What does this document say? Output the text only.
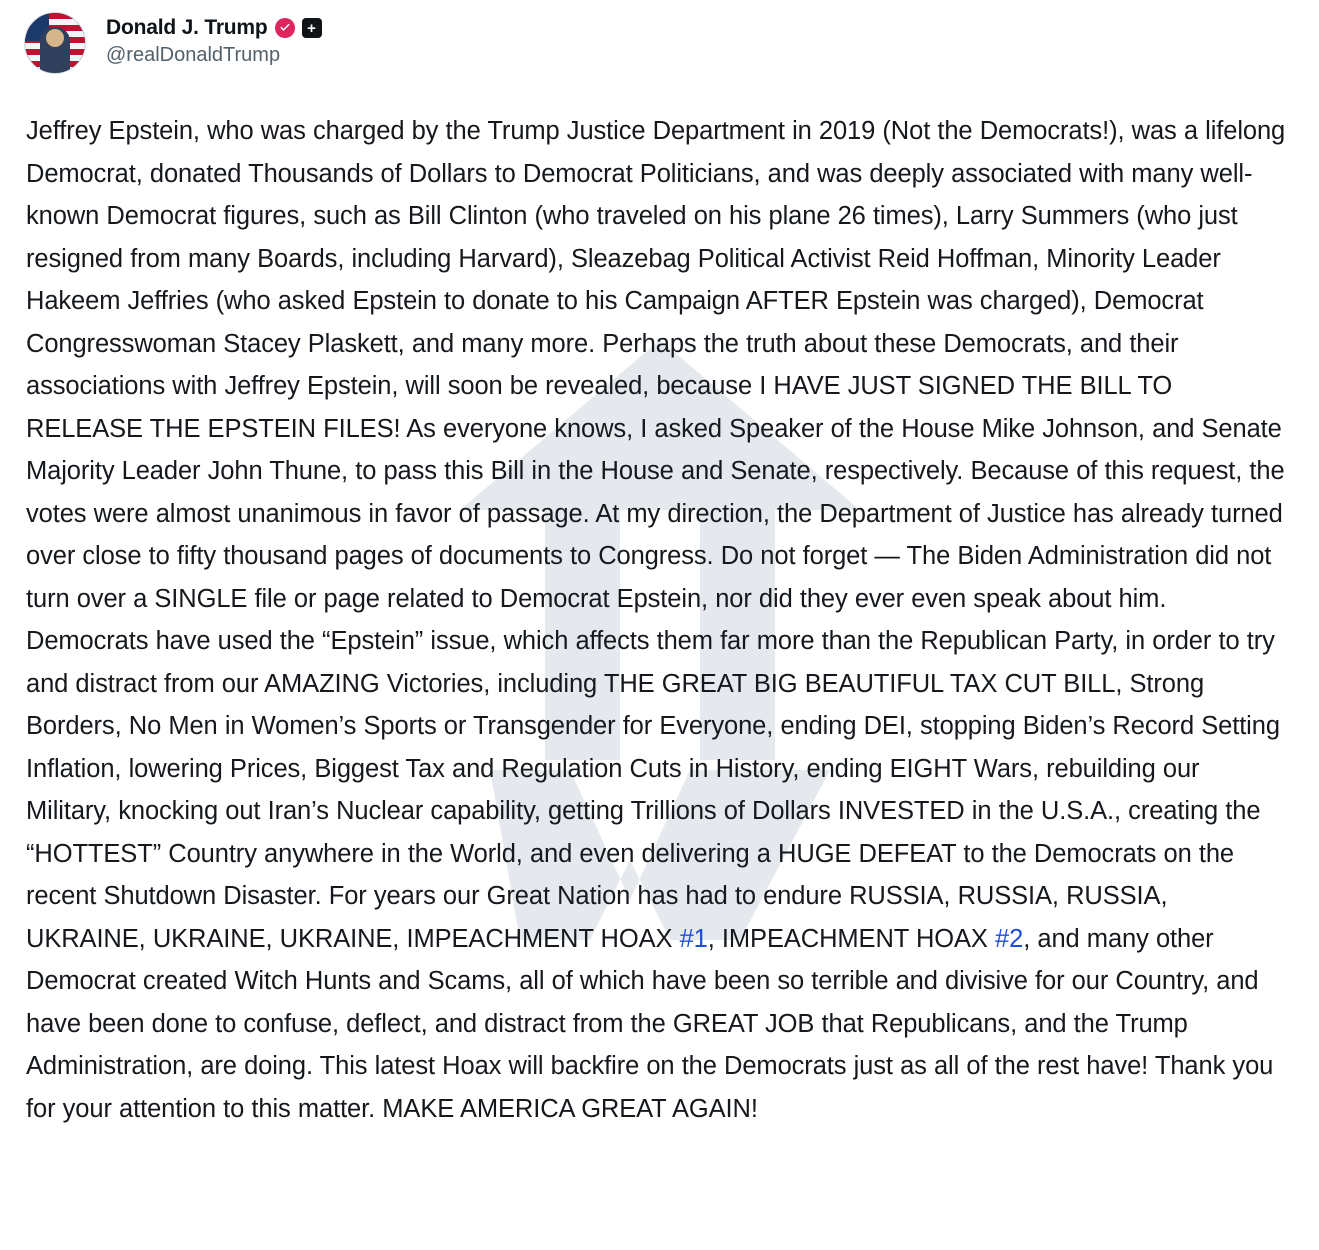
Donald J. Trump	+
@realDonaldTrump
Jeffrey Epstein, who was charged by the Trump Justice Department in 2019 (Not the Democrats!), was a lifelong Democrat, donated Thousands of Dollars to Democrat Politicians, and was deeply associated with many well-known Democrat figures, such as Bill Clinton (who traveled on his plane 26 times), Larry Summers (who just resigned from many Boards, including Harvard), Sleazebag Political Activist Reid Hoffman, Minority Leader Hakeem Jeffries (who asked Epstein to donate to his Campaign AFTER Epstein was charged), Democrat Congresswoman Stacey Plaskett, and many more. Perhaps the truth about these Democrats, and their associations with Jeffrey Epstein, will soon be revealed, because I HAVE JUST SIGNED THE BILL TO RELEASE THE EPSTEIN FILES! As everyone knows, I asked Speaker of the House Mike Johnson, and Senate Majority Leader John Thune, to pass this Bill in the House and Senate, respectively. Because of this request, the votes were almost unanimous in favor of passage. At my direction, the Department of Justice has already turned over close to fifty thousand pages of documents to Congress. Do not forget — The Biden Administration did not turn over a SINGLE file or page related to Democrat Epstein, nor did they ever even speak about him. Democrats have used the “Epstein” issue, which affects them far more than the Republican Party, in order to try and distract from our AMAZING Victories, including THE GREAT BIG BEAUTIFUL TAX CUT BILL, Strong Borders, No Men in Women’s Sports or Transgender for Everyone, ending DEI, stopping Biden’s Record Setting Inflation, lowering Prices, Biggest Tax and Regulation Cuts in History, ending EIGHT Wars, rebuilding our Military, knocking out Iran’s Nuclear capability, getting Trillions of Dollars INVESTED in the U.S.A., creating the “HOTTEST” Country anywhere in the World, and even delivering a HUGE DEFEAT to the Democrats on the recent Shutdown Disaster. For years our Great Nation has had to endure RUSSIA, RUSSIA, RUSSIA, UKRAINE, UKRAINE, UKRAINE, IMPEACHMENT HOAX #1, IMPEACHMENT HOAX #2, and many other Democrat created Witch Hunts and Scams, all of which have been so terrible and divisive for our Country, and have been done to confuse, deflect, and distract from the GREAT JOB that Republicans, and the Trump Administration, are doing. This latest Hoax will backfire on the Democrats just as all of the rest have! Thank you for your attention to this matter. MAKE AMERICA GREAT AGAIN!
